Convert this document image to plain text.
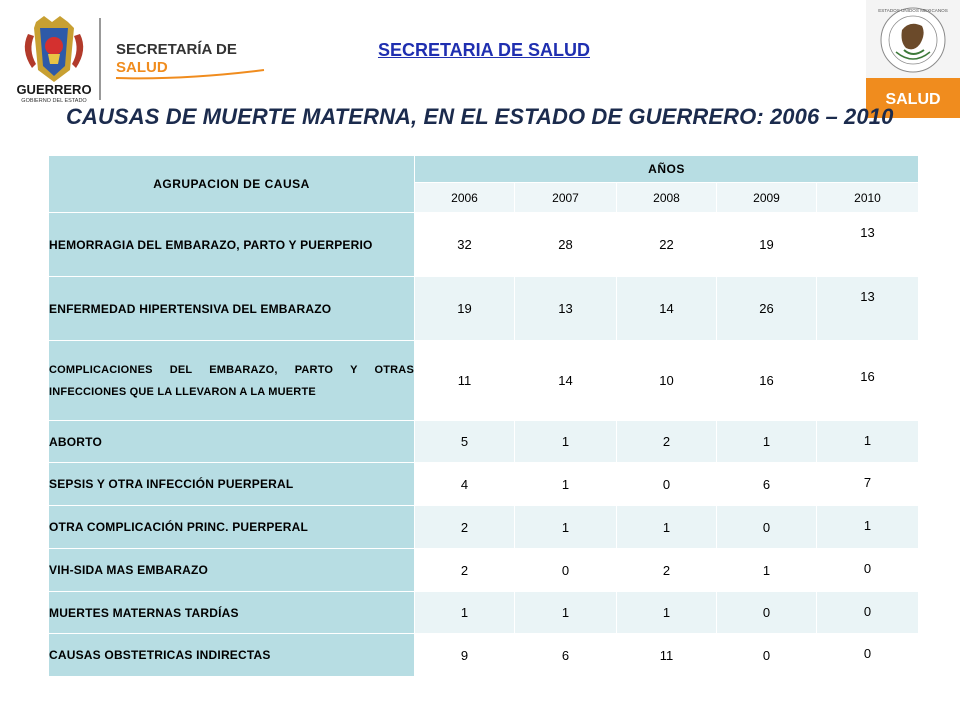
GUERRERO
GOBIERNO DEL ESTADO
SECRETARÍA DE
SALUD
ESTADOS UNIDOS MEXICANOS
SALUD
SECRETARIA DE SALUD
CAUSAS DE MUERTE MATERNA, EN EL ESTADO DE GUERRERO: 2006 – 2010
AGRUPACION DE CAUSA	AÑOS				
	2006	2007	2008	2009	2010
HEMORRAGIA DEL EMBARAZO, PARTO Y PUERPERIO	32	28	22	19	13
ENFERMEDAD HIPERTENSIVA DEL EMBARAZO	19	13	14	26	13
COMPLICACIONES DEL EMBARAZO, PARTO Y OTRAS INFECCIONES QUE LA LLEVARON A LA MUERTE	11	14	10	16	16
ABORTO	5	1	2	1	1
SEPSIS Y OTRA INFECCIÓN PUERPERAL	4	1	0	6	7
OTRA COMPLICACIÓN PRINC. PUERPERAL	2	1	1	0	1
VIH-SIDA MAS EMBARAZO	2	0	2	1	0
MUERTES MATERNAS TARDÍAS	1	1	1	0	0
CAUSAS OBSTETRICAS INDIRECTAS	9	6	11	0	0
